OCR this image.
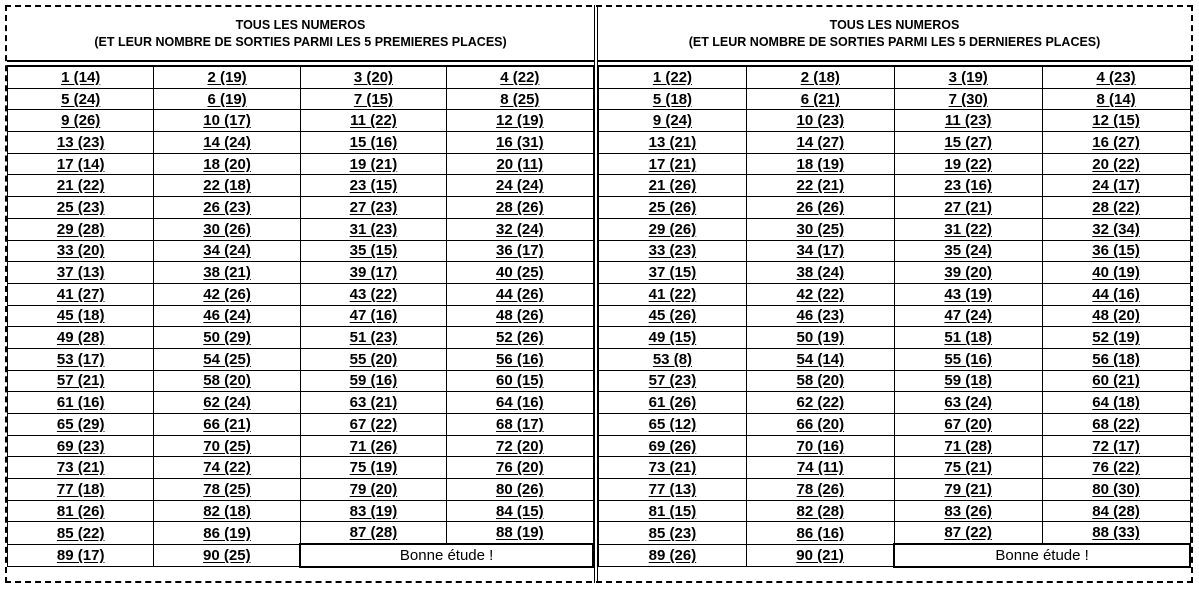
TOUS LES NUMEROS
(ET LEUR NOMBRE DE SORTIES PARMI LES 5 PREMIERES PLACES)
1 (14)	2 (19)	3 (20)	4 (22)
5 (24)	6 (19)	7 (15)	8 (25)
9 (26)	10 (17)	11 (22)	12 (19)
13 (23)	14 (24)	15 (16)	16 (31)
17 (14)	18 (20)	19 (21)	20 (11)
21 (22)	22 (18)	23 (15)	24 (24)
25 (23)	26 (23)	27 (23)	28 (26)
29 (28)	30 (26)	31 (23)	32 (24)
33 (20)	34 (24)	35 (15)	36 (17)
37 (13)	38 (21)	39 (17)	40 (25)
41 (27)	42 (26)	43 (22)	44 (26)
45 (18)	46 (24)	47 (16)	48 (26)
49 (28)	50 (29)	51 (23)	52 (26)
53 (17)	54 (25)	55 (20)	56 (16)
57 (21)	58 (20)	59 (16)	60 (15)
61 (16)	62 (24)	63 (21)	64 (16)
65 (29)	66 (21)	67 (22)	68 (17)
69 (23)	70 (25)	71 (26)	72 (20)
73 (21)	74 (22)	75 (19)	76 (20)
77 (18)	78 (25)	79 (20)	80 (26)
81 (26)	82 (18)	83 (19)	84 (15)
85 (22)	86 (19)	87 (28)	88 (19)
89 (17)	90 (25)	Bonne étude !	
TOUS LES NUMEROS
(ET LEUR NOMBRE DE SORTIES PARMI LES 5 DERNIERES PLACES)
1 (22)	2 (18)	3 (19)	4 (23)
5 (18)	6 (21)	7 (30)	8 (14)
9 (24)	10 (23)	11 (23)	12 (15)
13 (21)	14 (27)	15 (27)	16 (27)
17 (21)	18 (19)	19 (22)	20 (22)
21 (26)	22 (21)	23 (16)	24 (17)
25 (26)	26 (26)	27 (21)	28 (22)
29 (26)	30 (25)	31 (22)	32 (34)
33 (23)	34 (17)	35 (24)	36 (15)
37 (15)	38 (24)	39 (20)	40 (19)
41 (22)	42 (22)	43 (19)	44 (16)
45 (26)	46 (23)	47 (24)	48 (20)
49 (15)	50 (19)	51 (18)	52 (19)
53 (8)	54 (14)	55 (16)	56 (18)
57 (23)	58 (20)	59 (18)	60 (21)
61 (26)	62 (22)	63 (24)	64 (18)
65 (12)	66 (20)	67 (20)	68 (22)
69 (26)	70 (16)	71 (28)	72 (17)
73 (21)	74 (11)	75 (21)	76 (22)
77 (13)	78 (26)	79 (21)	80 (30)
81 (15)	82 (28)	83 (26)	84 (28)
85 (23)	86 (16)	87 (22)	88 (33)
89 (26)	90 (21)	Bonne étude !	
